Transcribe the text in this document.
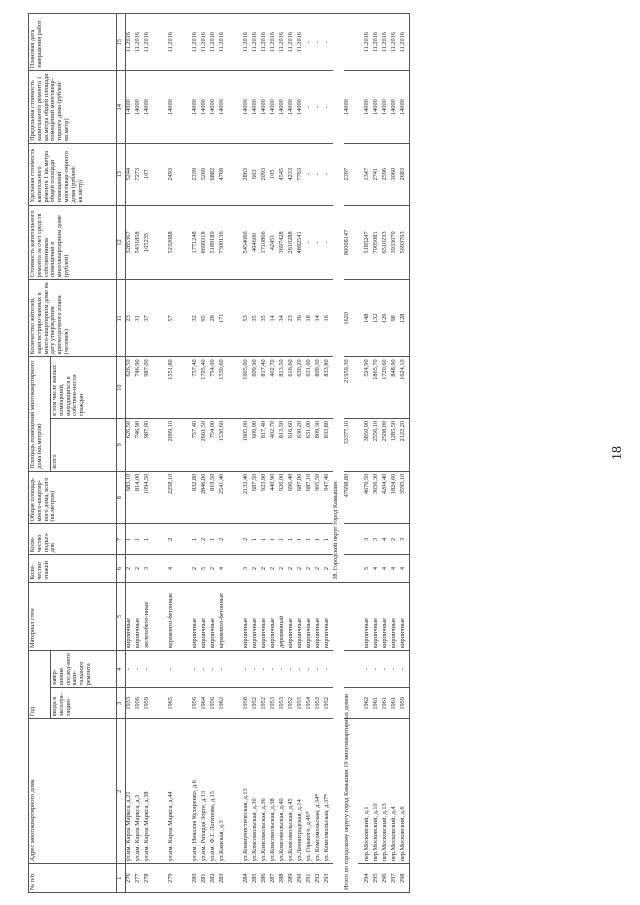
18
№ п/п	Адрес многоквартирного дома	Год		Материал стен	Коли-чество этажей	Коли-чество подъез-дов	Общая площадь много-квартир-ного дома, всего (кв.метров)	Площадь помещений многоквартирного дома (кв.метров)		Количество жителей, зарегистриро-ванных в много-квартирном доме на дату утверждения краткосрочного плана (человек)	Стоимость капитального ремонта за счет средств собственников помещений в многоквартирном доме (рублей)	Удельная стоимость капитального ремонта 1 кв.метра общей площади помещений многоквар-тирного дома (рублей/ кв.метр)	Предельная стоимость капитального ремонта 1 кв.метра общей площади помещений многоквар-тирного дома (рублей/ кв.метр)	Плановая дата завершения работ
		ввода в эксплуа-тацию	завер-шения послед-него капи-тального ремонта					всего	в том числе жилых помещений, находящихся в собствен-ности граждан					
1	2	3	4	5	6	7	8	9	10	11	12	13	14	15
276	ул.им. Карла Маркса, д.21	1933	-	кирпичные	2	1	683,10	626,50	626,50	23	3285367	5244	14000	11.2016
277	ул.им. Карла Маркса, д.3	1956	-	кирпичные	2	1	814,00	746,90	746,90	31	5431858	7273	14000	11.2016
278	ул.им. Карла Маркса, д.38	1959	-	железобето-нные	3	1	1094,50	987,00	987,00	37	105235	107	14000	11.2016

279	ул.им. Карла Маркса, д.44	1965	-	керамзито-бетонные	4	2	2258,10	2099,10	1551,80	57	5232088	2493	14000	11.2016

280	ул.им. Николая Кухаренко, д.6	1956	-	кирпичные	2	1	832,80	757,40	757,40	32	1771248	2339	14000	11.2016
281	ул.им. Рихарда Зорге, д.13	1964	-	кирпичные	5	2	2846,80	2661,50	1705,40	95	8699318	3269	14000	11.2016
282	ул.им. Ф.Г. Логинова, д.15	1956	-	кирпичные	2	1	819,50	754,00	754,00	28	5189189	6882	14000	11.2016
283	ул.Камская, д.3	1962	-	керамзито-бетонные	4	2	2541,40	1530,60	1530,60	171	7300136	4769	14000	11.2016

284	ул.Коммунистическая, д.13	1958	-	кирпичные	3	2	2132,40	1905,00	1905,00	53	5454066	2863	14000	11.2016
285	ул.Комсомольская, д.30	1952	-	кирпичные	2	1	687,50	609,90	609,90	35	404600	663	14000	11.2016
286	ул.Комсомольская, д.36	1952	-	кирпичные	2	1	923,90	817,40	817,40	35	1710866	2093	14000	11.2016
287	ул.Комсомольская, д.38	1953	-	кирпичные	2	1	440,90	402,70	402,70	14	42451	105	14000	11.2016
288	ул.Комсомольская, д.40	1953	-	деревянный	2	1	926,00	813,50	813,50	34	3697428	4545	14000	11.2016
289	ул.Комсомольская, д.45	1952	-	кирпичные	2	1	696,40	616,60	616,60	23	2610288	4233	14000	11.2016
290	ул.Ленинградская, д.14	1955	-	кирпичные	2	1	687,80	630,20	630,20	36	4892541	7763	14000	11.2016
291	ул. Горького, д.46*	1954	-	кирпичные	2	1	687,10	631,00	631,00	18	-	-	-	-
292	ул. Комсомольская, д.34*	1953	-	кирпичные	2	1	905,50	809,30	809,30	14	-	-	-	-
293	ул. Комсомольская, д.37*	1952	-	кирпичные	2	1	947,40	833,80	833,80	16	-	-	-	-
					38. Городской округ город Камышин									
Итого по городскому округу город Камышин 19 многоквартирных домов							47698,80	33377,10	21959,30	1620	80008147	2397	14000	

294	пер.Московский, д.1	1962	-	кирпичные	5	3	4670,50	3850,90	524,90	148	5185247	1347	14000	11.2016
295	пер.Московский, д.10	1961	-	кирпичные	4	3	3656,30	2556,10	1865,70	132	7005081	2741	14000	11.2016
296	пер.Московский, д.13	1961	-	кирпичные	4	4	4204,40	2508,00	1720,60	126	6510233	2596	14000	11.2016
297	пер.Московский, д.4	1961	-	кирпичные	4	2	1824,60	1285,50	848,90	98	3933070	3060	14000	11.2016
298	пер.Московский, д.6	1959	-	кирпичные	4	3	3595,10	2122,20	1624,10	128	5693703	2683	14000	11.2016
